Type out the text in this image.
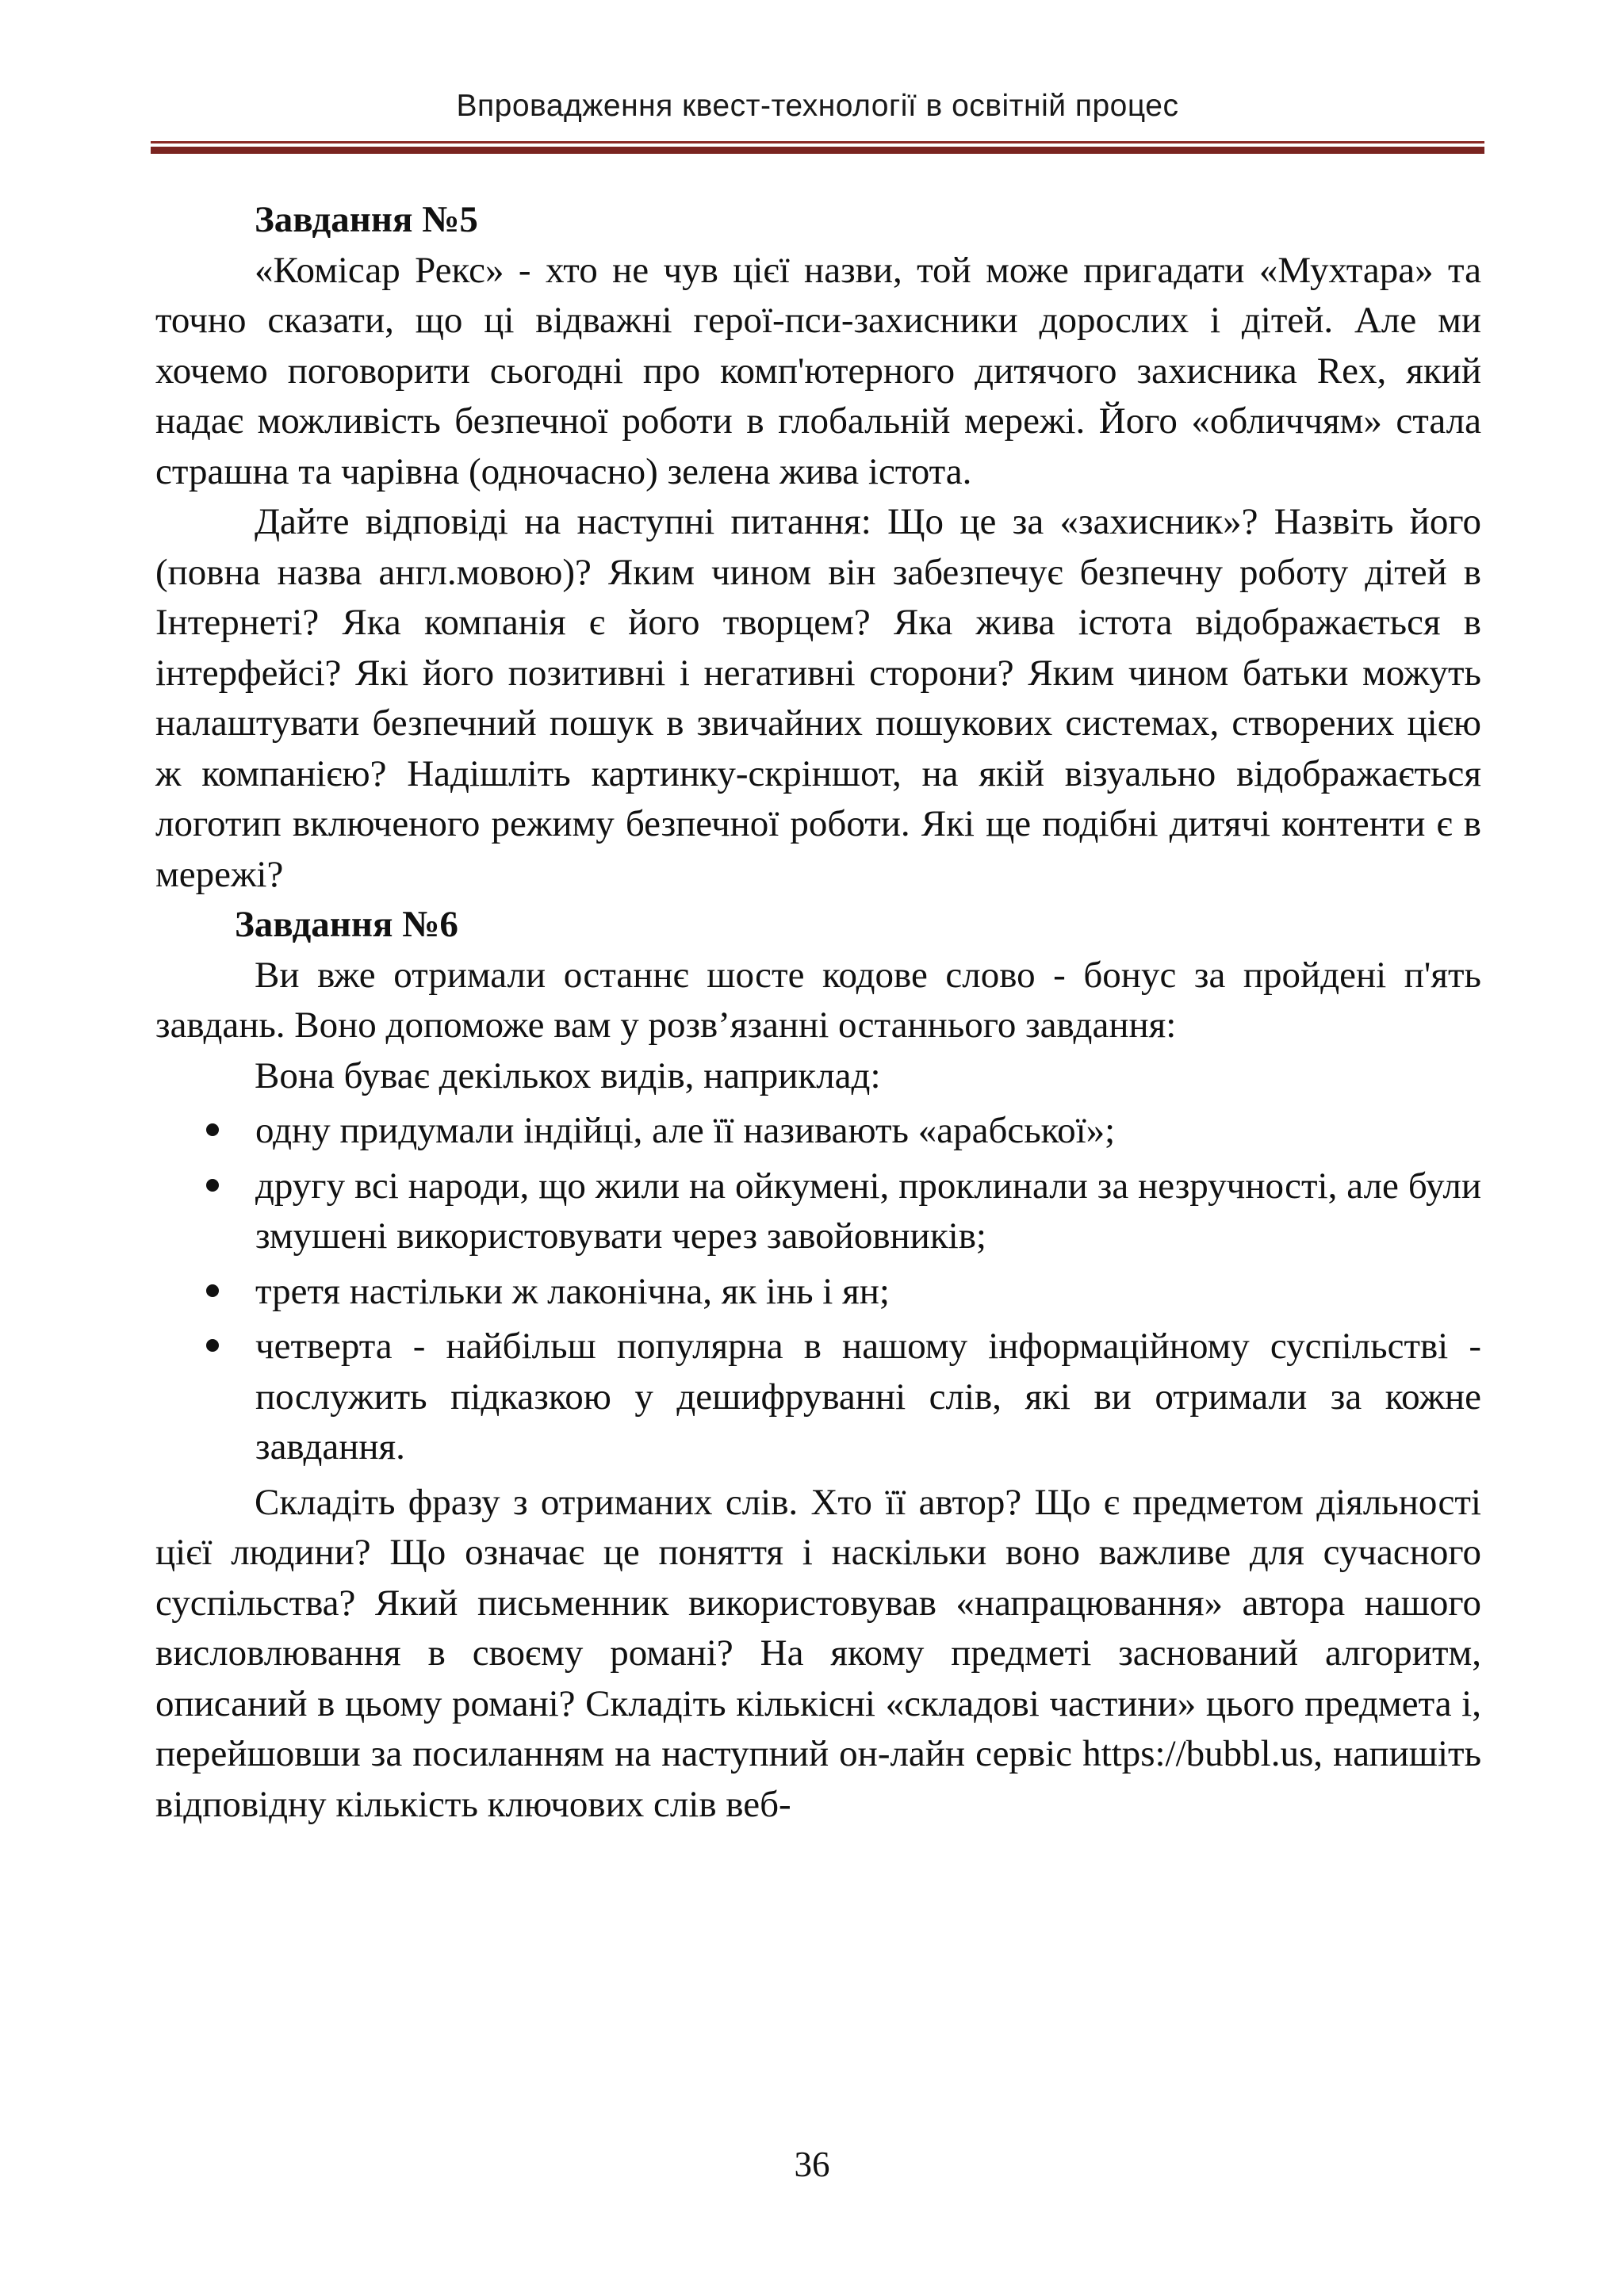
Впровадження квест-технології в освітній процес

Завдання №5

«Комісар Рекс» - хто не чув цієї назви, той може пригадати «Мухтара» та точно сказати, що ці відважні герої-пси-захисники дорослих і дітей. Але ми хочемо поговорити сьогодні про комп'ютерного дитячого захисника Rex, який надає можливість безпечної роботи в глобальній мережі. Його «обличчям» стала страшна та чарівна (одночасно) зелена жива істота.

Дайте відповіді на наступні питання: Що це за «захисник»? Назвіть його (повна назва англ.мовою)? Яким чином він забезпечує безпечну роботу дітей в Інтернеті? Яка компанія є його творцем? Яка жива істота відображається в інтерфейсі? Які його позитивні і негативні сторони? Яким чином батьки можуть налаштувати безпечний пошук в звичайних пошукових системах, створених цією ж компанією? Надішліть картинку-скріншот, на якій візуально відображається логотип включеного режиму безпечної роботи. Які ще подібні дитячі контенти є в мережі?

Завдання №6

Ви вже отримали останнє шосте кодове слово - бонус за пройдені п'ять завдань. Воно допоможе вам у розв’язанні останнього завдання:

Вона буває декількох видів, наприклад:

одну придумали індійці, але її називають «арабської»;
другу всі народи, що жили на ойкумені, проклинали за незручності, але були змушені використовувати через завойовників;
третя настільки ж лаконічна, як інь і ян;
четверта - найбільш популярна в нашому інформаційному суспільстві - послужить підказкою у дешифруванні слів, які ви отримали за кожне завдання.

Складіть фразу з отриманих слів. Хто її автор? Що є предметом діяльності цієї людини? Що означає це поняття і наскільки воно важливе для сучасного суспільства? Який письменник використовував «напрацювання» автора нашого висловлювання в своєму романі? На якому предметі заснований алгоритм, описаний в цьому романі? Складіть кількісні «складові частини» цього предмета і, перейшовши за посиланням на наступний он-лайн сервіс https://bubbl.us, напишіть відповідну кількість ключових слів веб-

36
